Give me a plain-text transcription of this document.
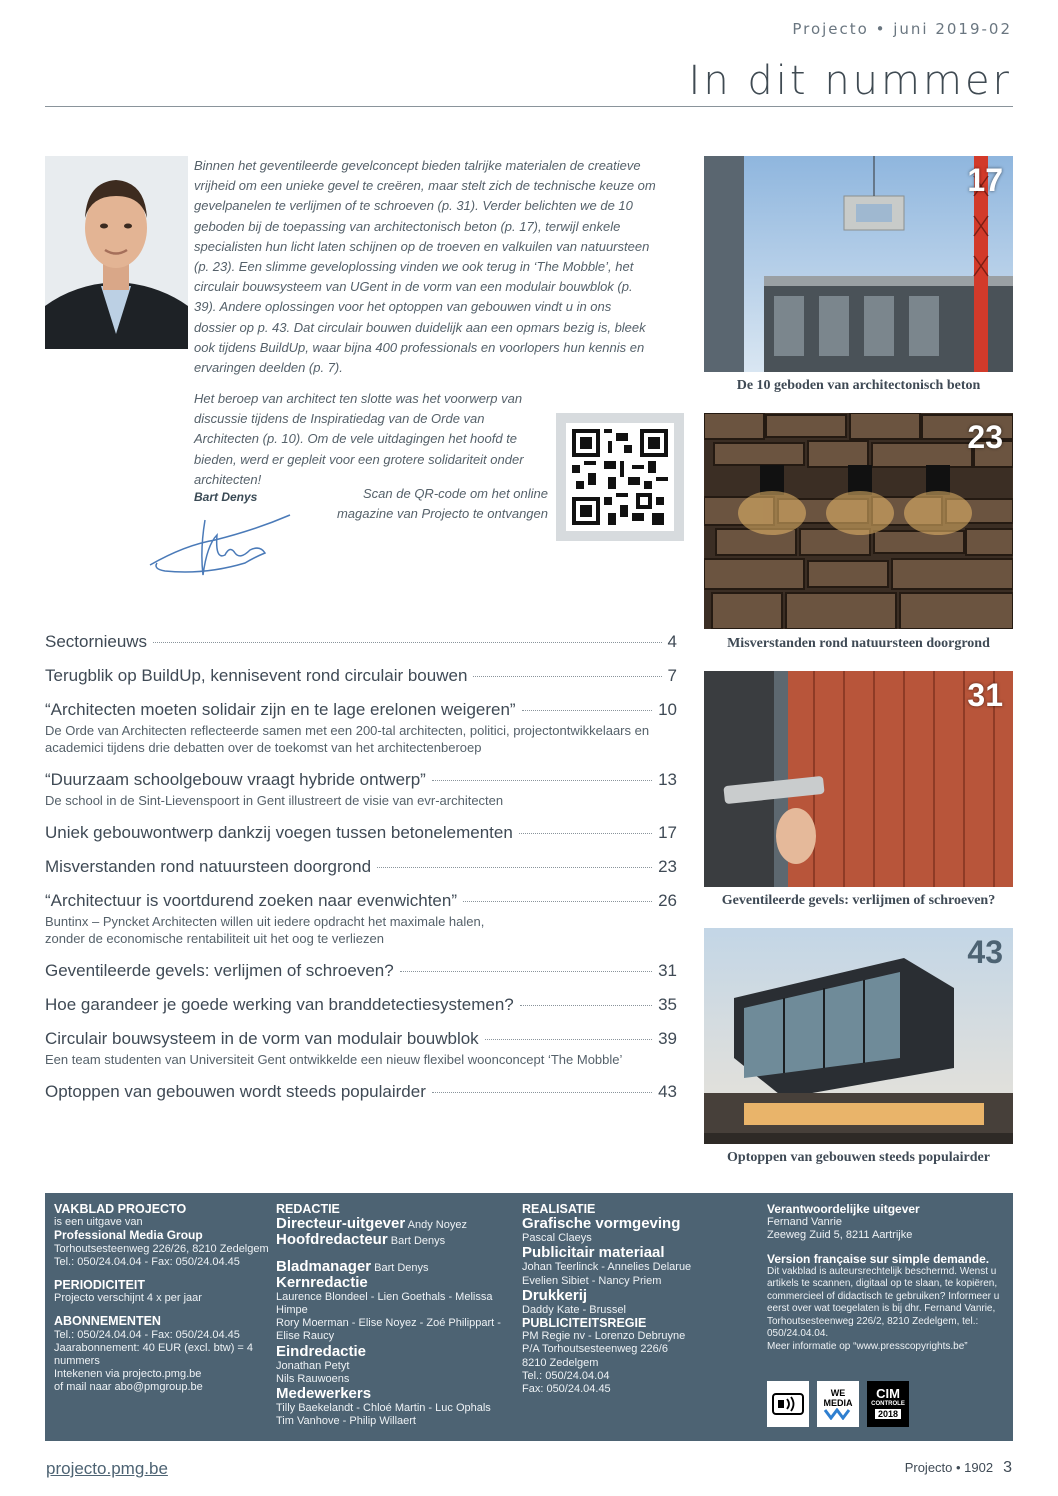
Projecto • juni 2019-02
In dit nummer

Binnen het geventileerde gevelconcept bieden talrijke materialen de creatieve vrijheid om een unieke gevel te creëren, maar stelt zich de technische keuze om gevelpanelen te verlijmen of te schroeven (p. 31). Verder belichten we de 10 geboden bij de toepassing van architectonisch beton (p. 17), terwijl enkele specialisten hun licht laten schijnen op de troeven en valkuilen van natuursteen (p. 23). Een slimme geveloplossing vinden we ook terug in ‘The Mobble’, het circulair bouwsysteem van UGent in de vorm van een modulair bouwblok (p. 39). Andere oplossingen voor het optoppen van gebouwen vindt u in ons dossier op p. 43. Dat circulair bouwen duidelijk aan een opmars bezig is, bleek ook tijdens BuildUp, waar bijna 400 professionals en voorlopers hun kennis en ervaringen deelden (p. 7).

Het beroep van architect ten slotte was het voorwerp van discussie tijdens de Inspiratiedag van de Orde van Architecten (p. 10). Om de vele uitdagingen het hoofd te bieden, werd er gepleit voor een grotere solidariteit onder architecten!
Bart Denys	Scan de QR-code om het online magazine van Projecto te ontvangen
Sectornieuws	4
Terugblik op BuildUp, kennisevent rond circulair bouwen	7
“Architecten moeten solidair zijn en te lage erelonen weigeren”	10
De Orde van Architecten reflecteerde samen met een 200-tal architecten, politici, projectontwikkelaars en academici tijdens drie debatten over de toekomst van het architectenberoep
“Duurzaam schoolgebouw vraagt hybride ontwerp”	13
De school in de Sint-Lievenspoort in Gent illustreert de visie van evr-architecten
Uniek gebouwontwerp dankzij voegen tussen betonelementen	17
Misverstanden rond natuursteen doorgrond	23
“Architectuur is voortdurend zoeken naar evenwichten”	26
Buntinx – Pyncket Architecten willen uit iedere opdracht het maximale halen, zonder de economische rentabiliteit uit het oog te verliezen
Geventileerde gevels: verlijmen of schroeven?	31
Hoe garandeer je goede werking van branddetectiesystemen?	35
Circulair bouwsysteem in de vorm van modulair bouwblok	39
Een team studenten van Universiteit Gent ontwikkelde een nieuw flexibel woonconcept ‘The Mobble’
Optoppen van gebouwen wordt steeds populairder	43
17
De 10 geboden van architectonisch beton
23
Misverstanden rond natuursteen doorgrond
31
Geventileerde gevels: verlijmen of schroeven?
43
Optoppen van gebouwen steeds populairder
VAKBLAD PROJECTO
is een uitgave van
Professional Media Group
Torhoutsesteenweg 226/26, 8210 Zedelgem
Tel.: 050/24.04.04 - Fax: 050/24.04.45
PERIODICITEIT
Projecto verschijnt 4 x per jaar
ABONNEMENTEN
Tel.: 050/24.04.04 - Fax: 050/24.04.45
Jaarabonnement: 40 EUR (excl. btw) = 4 nummers
Intekenen via projecto.pmg.be
of mail naar abo@pmgroup.be
REDACTIE
Directeur-uitgever Andy Noyez
Hoofdredacteur Bart Denys
Bladmanager Bart Denys
Kernredactie
Laurence Blondeel - Lien Goethals - Melissa Himpe
Rory Moerman - Elise Noyez - Zoé Philippart - Elise Raucy
Eindredactie
Jonathan Petyt
Nils Rauwoens
Medewerkers
Tilly Baekelandt - Chloé Martin - Luc Ophals
Tim Vanhove - Philip Willaert
REALISATIE
Grafische vormgeving
Pascal Claeys
Publicitair materiaal
Johan Teerlinck - Annelies Delarue
Evelien Sibiet - Nancy Priem
Drukkerij
Daddy Kate - Brussel
PUBLICITEITSREGIE
PM Regie nv - Lorenzo Debruyne
P/A Torhoutsesteenweg 226/6
8210 Zedelgem
Tel.: 050/24.04.04
Fax: 050/24.04.45
Verantwoordelijke uitgever
Fernand Vanrie
Zeeweg Zuid 5, 8211 Aartrijke
Version française sur simple demande.
Dit vakblad is auteursrechtelijk beschermd. Wenst u artikels te scannen, digitaal op te slaan, te kopiëren, commercieel of didactisch te gebruiken? Informeer u eerst over wat toegelaten is bij dhr. Fernand Vanrie, Torhoutsesteenweg 226/2, 8210 Zedelgem, tel.: 050/24.04.04.
Meer informatie op “www.presscopyrights.be”
WE
MEDIA
CIM
CONTROLE
2018
projecto.pmg.be	Projecto • 1902 3
